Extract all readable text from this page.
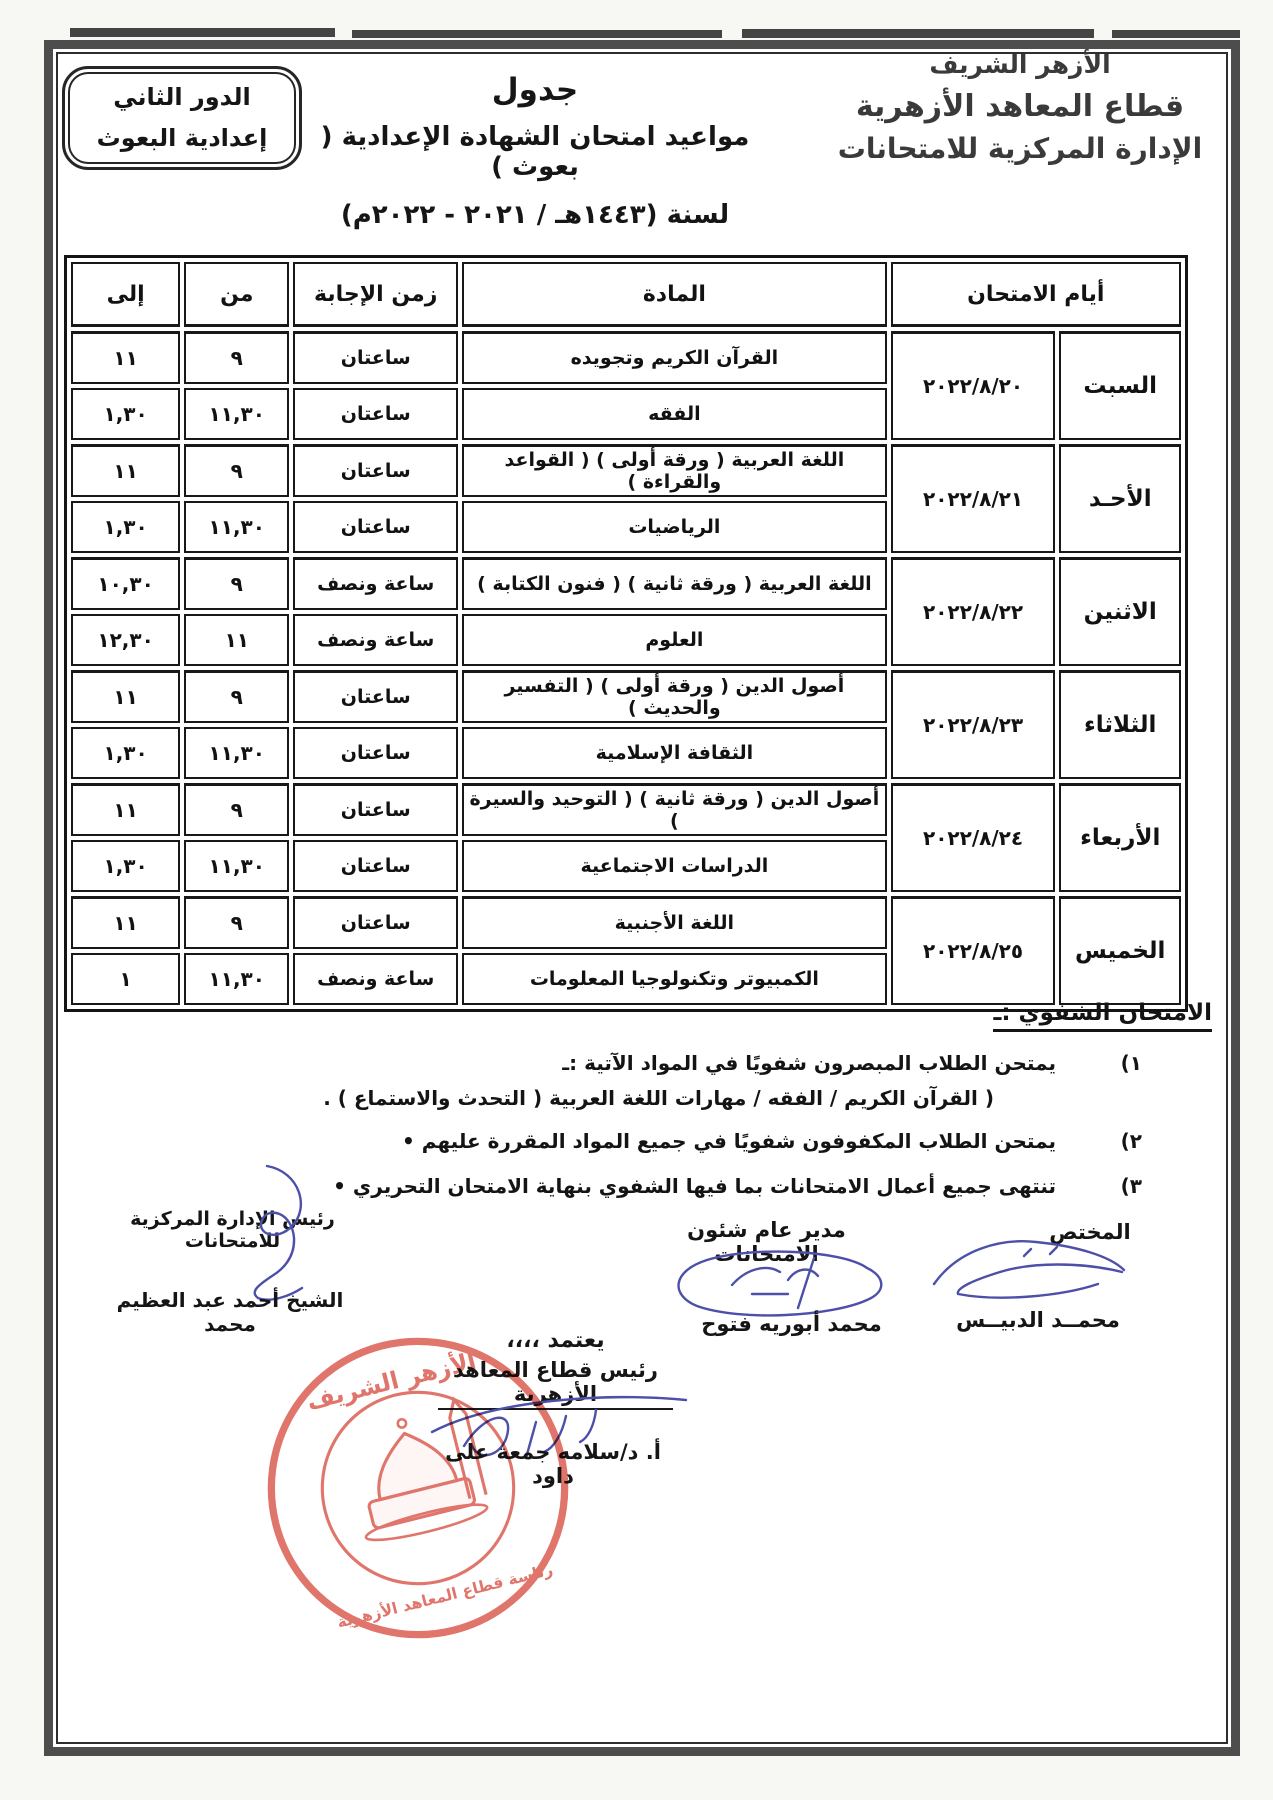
الأزهر الشريف
قطاع المعاهد الأزهرية
الإدارة المركزية للامتحانات
جدول
مواعيد امتحان الشهادة الإعدادية ( بعوث )
لسنة (١٤٤٣هـ / ٢٠٢١ - ٢٠٢٢م)
الدور الثاني
إعدادية البعوث
أيام الامتحان		المادة	زمن الإجابة	من	إلى
السبت	٢٠٢٢/٨/٢٠	القرآن الكريم وتجويده	ساعتان	٩	١١
		الفقه	ساعتان	١١,٣٠	١,٣٠
الأحـد	٢٠٢٢/٨/٢١	اللغة العربية ( ورقة أولى ) ( القواعد والقراءة )	ساعتان	٩	١١
		الرياضيات	ساعتان	١١,٣٠	١,٣٠
الاثنين	٢٠٢٢/٨/٢٢	اللغة العربية ( ورقة ثانية ) ( فنون الكتابة )	ساعة ونصف	٩	١٠,٣٠
		العلوم	ساعة ونصف	١١	١٢,٣٠
الثلاثاء	٢٠٢٢/٨/٢٣	أصول الدين ( ورقة أولى ) ( التفسير والحديث )	ساعتان	٩	١١
		الثقافة الإسلامية	ساعتان	١١,٣٠	١,٣٠
الأربعاء	٢٠٢٢/٨/٢٤	أصول الدين ( ورقة ثانية ) ( التوحيد والسيرة )	ساعتان	٩	١١
		الدراسات الاجتماعية	ساعتان	١١,٣٠	١,٣٠
الخميس	٢٠٢٢/٨/٢٥	اللغة الأجنبية	ساعتان	٩	١١
		الكمبيوتر وتكنولوجيا المعلومات	ساعة ونصف	١١,٣٠	١
الامتحان الشفوي :ـ
١)
يمتحن الطلاب المبصرون شفويًا في المواد الآتية :ـ
( القرآن الكريم / الفقه / مهارات اللغة العربية ( التحدث والاستماع ) .
٢)
يمتحن الطلاب المكفوفون شفويًا في جميع المواد المقررة عليهم •
٣)
تنتهى جميع أعمال الامتحانات بما فيها الشفوي بنهاية الامتحان التحريري •
المختص
محمــد الدبيــس
مدير عام شئون الامتحانات
محمد أبوريه فتوح
رئيس الإدارة المركزية للامتحانات
الشيخ أحمد عبد العظيم محمد
يعتمد ،،،،
رئيس قطاع المعاهد الأزهرية
أ. د/سلامه جمعة على داود
الأزهر الشريف
رئاسة قطاع المعاهد الأزهرية
